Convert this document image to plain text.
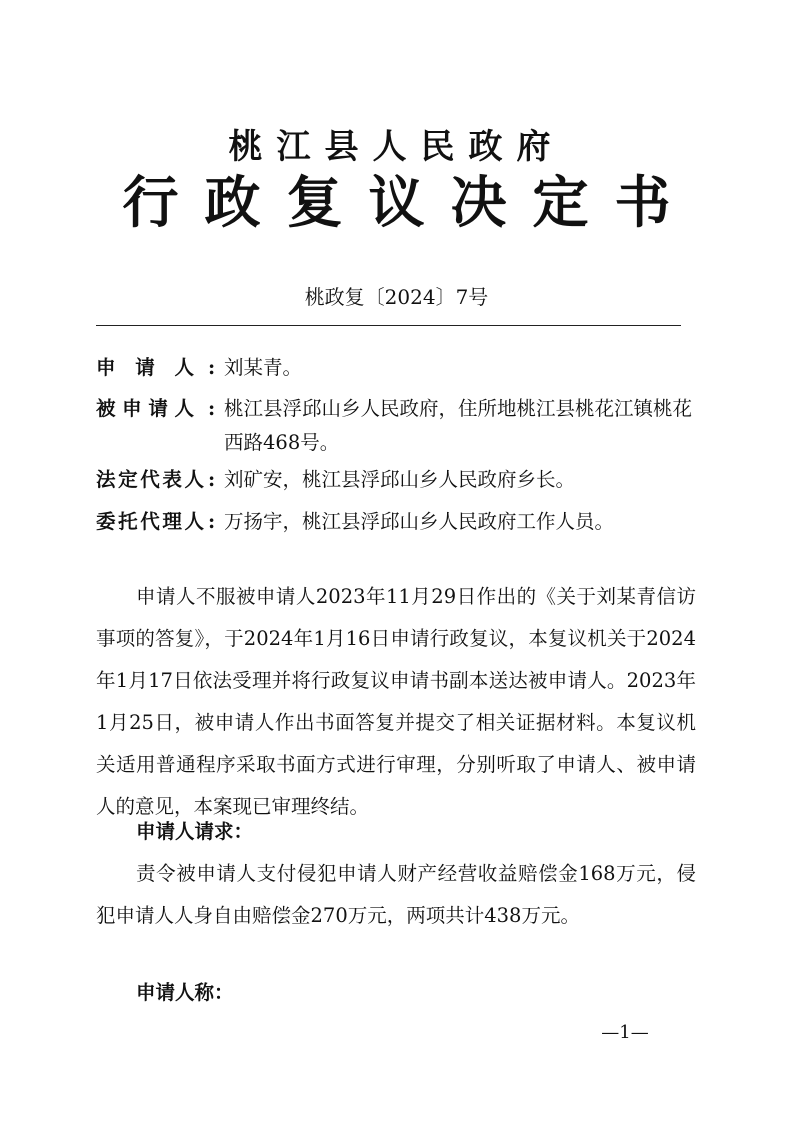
桃江县人民政府
行政复议决定书
桃政复〔2024〕7号
申 请 人 : 刘某青。
被申请人 : 桃江县浮邱山乡人民政府，住所地桃江县桃花江镇桃花西路468号。
法定代表人 : 刘矿安，桃江县浮邱山乡人民政府乡长。
委托代理人 : 万扬宇，桃江县浮邱山乡人民政府工作人员。
申请人不服被申请人2023年11月29日作出的《关于刘某青信访事项的答复》，于2024年1月16日申请行政复议，本复议机关于2024年1月17日依法受理并将行政复议申请书副本送达被申请人。2023年1月25日，被申请人作出书面答复并提交了相关证据材料。本复议机关适用普通程序采取书面方式进行审理，分别听取了申请人、被申请人的意见，本案现已审理终结。
申请人请求：
责令被申请人支付侵犯申请人财产经营收益赔偿金168万元，侵犯申请人人身自由赔偿金270万元，两项共计438万元。
申请人称：
—1—
